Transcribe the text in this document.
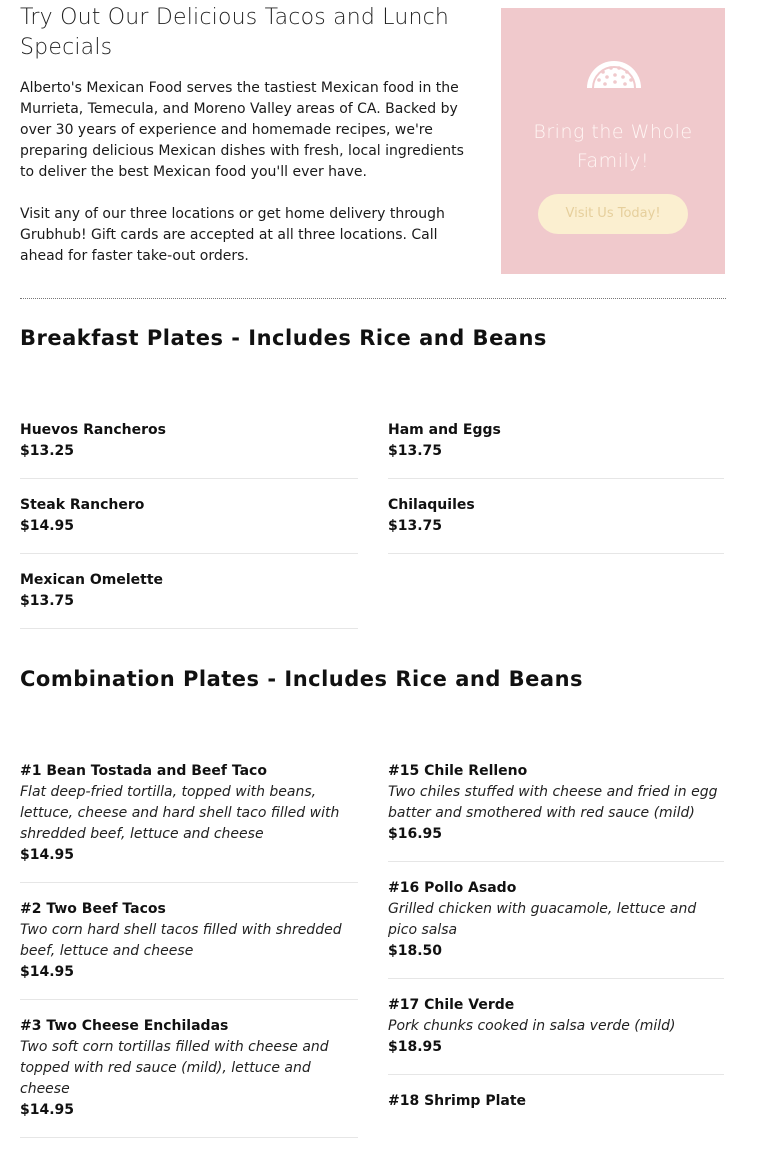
Try Out Our Delicious Tacos and Lunch Specials

Alberto's Mexican Food serves the tastiest Mexican food in the Murrieta, Temecula, and Moreno Valley areas of CA. Backed by over 30 years of experience and homemade recipes, we're preparing delicious Mexican dishes with fresh, local ingredients to deliver the best Mexican food you'll ever have.

Visit any of our three locations or get home delivery through Grubhub! Gift cards are accepted at all three locations. Call ahead for faster take-out orders.

Bring the Whole Family!
Visit Us Today!
Breakfast Plates - Includes Rice and Beans
Huevos Rancheros
$13.25
Steak Ranchero
$14.95
Mexican Omelette
$13.75
Ham and Eggs
$13.75
Chilaquiles
$13.75
Combination Plates - Includes Rice and Beans
#1 Bean Tostada and Beef Taco
Flat deep-fried tortilla, topped with beans, lettuce, cheese and hard shell taco filled with shredded beef, lettuce and cheese
$14.95
#2 Two Beef Tacos
Two corn hard shell tacos filled with shredded beef, lettuce and cheese
$14.95
#3 Two Cheese Enchiladas
Two soft corn tortillas filled with cheese and topped with red sauce (mild), lettuce and cheese
$14.95
#15 Chile Relleno
Two chiles stuffed with cheese and fried in egg batter and smothered with red sauce (mild)
$16.95
#16 Pollo Asado
Grilled chicken with guacamole, lettuce and pico salsa
$18.50
#17 Chile Verde
Pork chunks cooked in salsa verde (mild)
$18.95
#18 Shrimp Plate
